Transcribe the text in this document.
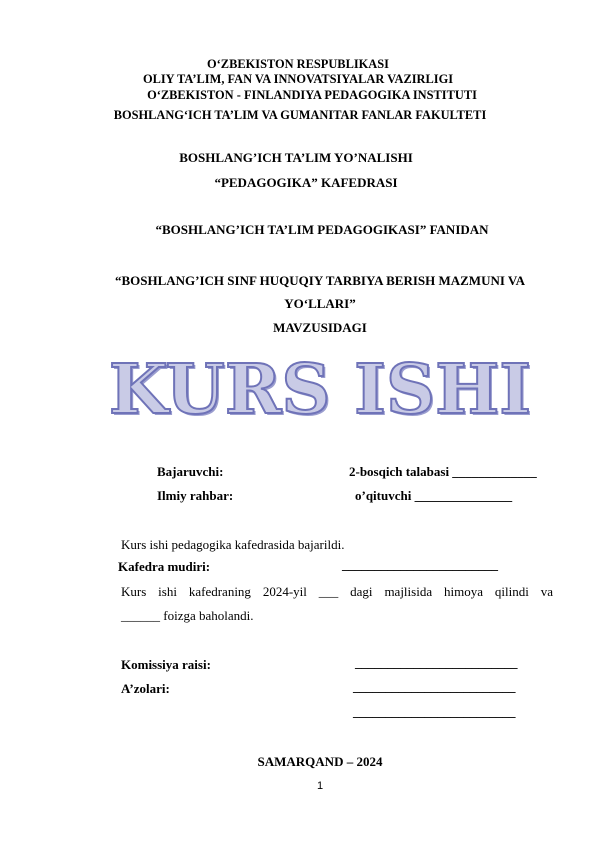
O‘ZBEKISTON RESPUBLIKASI
OLIY TA’LIM, FAN VA INNOVATSIYALAR VAZIRLIGI
O‘ZBEKISTON - FINLANDIYA PEDAGOGIKA INSTITUTI
BOSHLANG‘ICH TA’LIM VA GUMANITAR FANLAR FAKULTETI
BOSHLANG’ICH TA’LIM YO’NALISHI
“PEDAGOGIKA” KAFEDRASI
“BOSHLANG’ICH TA’LIM PEDAGOGIKASI” FANIDAN
“BOSHLANG’ICH SINF HUQUQIY TARBIYA BERISH MAZMUNI VA
YO‘LLARI”
MAVZUSIDAGI
KURS ISHI
Bajaruvchi:	2-bosqich talabasi _____________
Ilmiy rahbar:	o’qituvchi _______________
Kurs ishi pedagogika kafedrasida bajarildi.
Kafedra mudiri:	________________________
Kurs ishi kafedraning 2024-yil ___ dagi majlisida himoya qilindi va
______ foizga baholandi.
Komissiya raisi:	_________________________
A’zolari:	_________________________
_________________________
SAMARQAND – 2024
1
